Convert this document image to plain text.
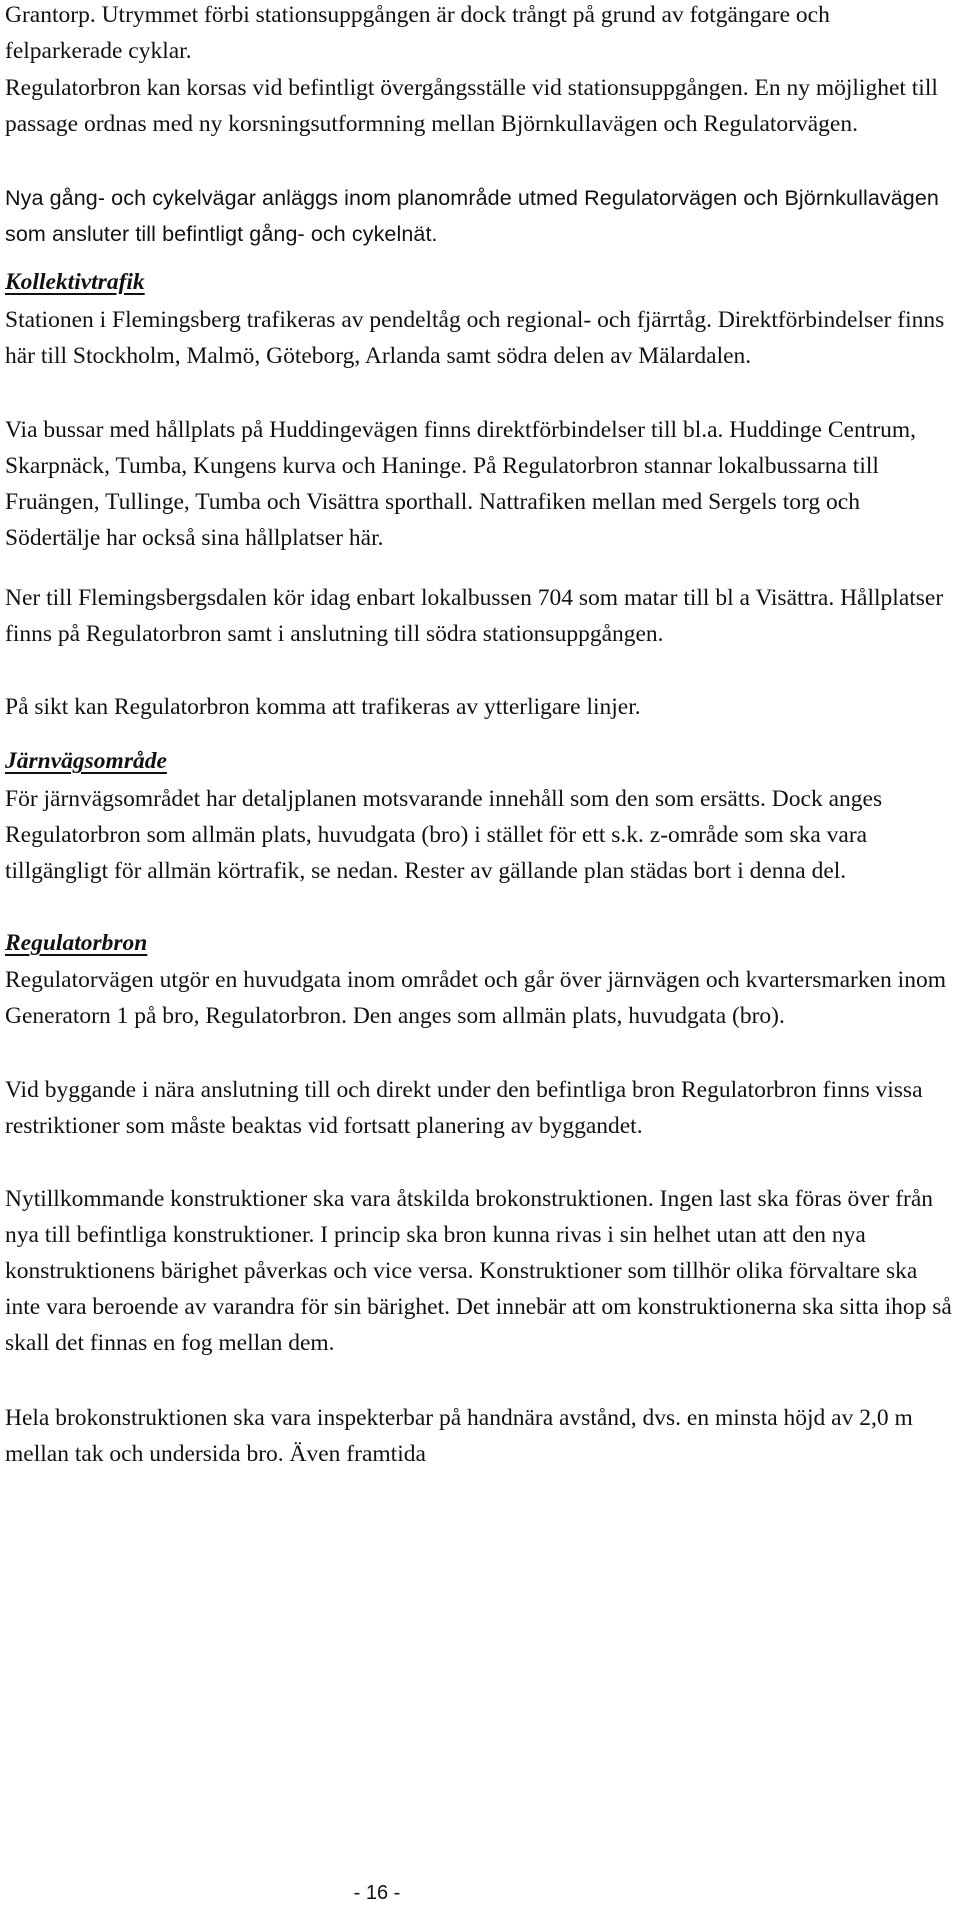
Grantorp. Utrymmet förbi stationsuppgången är dock trångt på grund av fotgängare och felparkerade cyklar.

Regulatorbron kan korsas vid befintligt övergångsställe vid stationsuppgången. En ny möjlighet till passage ordnas med ny korsningsutformning mellan Björnkullavägen och Regulatorvägen.

Nya gång- och cykelvägar anläggs inom planområde utmed Regulatorvägen och Björnkullavägen som ansluter till befintligt gång- och cykelnät.

Kollektivtrafik

Stationen i Flemingsberg trafikeras av pendeltåg och regional- och fjärrtåg. Direktförbindelser finns här till Stockholm, Malmö, Göteborg, Arlanda samt södra delen av Mälardalen.

Via bussar med hållplats på Huddingevägen finns direktförbindelser till bl.a. Huddinge Centrum, Skarpnäck, Tumba, Kungens kurva och Haninge. På Regulatorbron stannar lokalbussarna till Fruängen, Tullinge, Tumba och Visättra sporthall. Nattrafiken mellan med Sergels torg och Södertälje har också sina hållplatser här.

Ner till Flemingsbergsdalen kör idag enbart lokalbussen 704 som matar till bl a Visättra. Hållplatser finns på Regulatorbron samt i anslutning till södra stationsuppgången.

På sikt kan Regulatorbron komma att trafikeras av ytterligare linjer.

Järnvägsområde

För järnvägsområdet har detaljplanen motsvarande innehåll som den som ersätts. Dock anges Regulatorbron som allmän plats, huvudgata (bro) i stället för ett s.k. z-område som ska vara tillgängligt för allmän körtrafik, se nedan. Rester av gällande plan städas bort i denna del.

Regulatorbron

Regulatorvägen utgör en huvudgata inom området och går över järnvägen och kvartersmarken inom Generatorn 1 på bro, Regulatorbron. Den anges som allmän plats, huvudgata (bro).

Vid byggande i nära anslutning till och direkt under den befintliga bron Regulatorbron finns vissa restriktioner som måste beaktas vid fortsatt planering av byggandet.

Nytillkommande konstruktioner ska vara åtskilda brokonstruktionen. Ingen last ska föras över från nya till befintliga konstruktioner. I princip ska bron kunna rivas i sin helhet utan att den nya konstruktionens bärighet påverkas och vice versa. Konstruktioner som tillhör olika förvaltare ska inte vara beroende av varandra för sin bärighet. Det innebär att om konstruktionerna ska sitta ihop så skall det finnas en fog mellan dem.

Hela brokonstruktionen ska vara inspekterbar på handnära avstånd, dvs. en minsta höjd av 2,0 m mellan tak och undersida bro. Även framtida

- 16 -
